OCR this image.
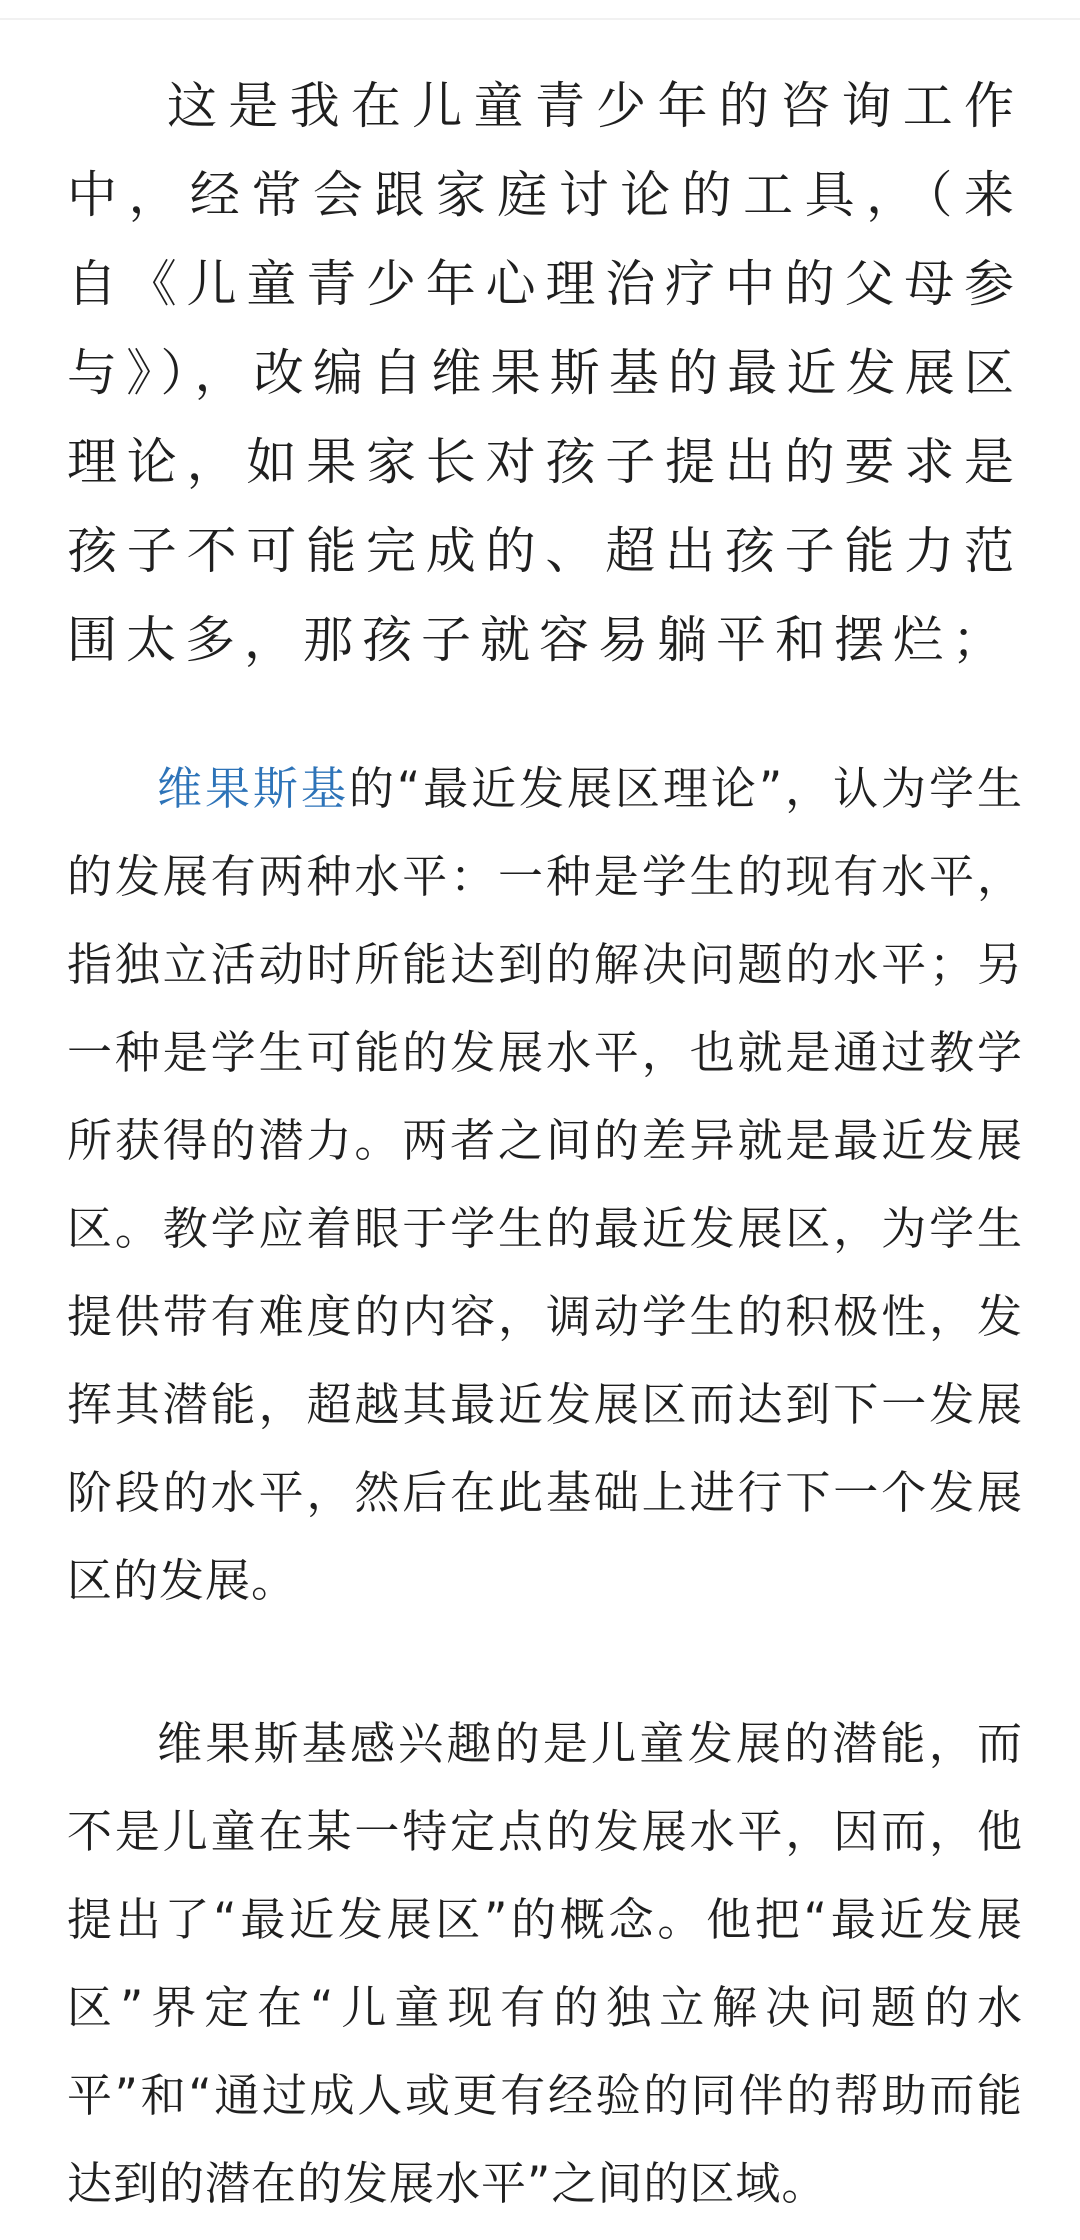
这是我在儿童青少年的咨询工作中，经常会跟家庭讨论的工具，（来自《儿童青少年心理治疗中的父母参与》），改编自维果斯基的最近发展区理论，如果家长对孩子提出的要求是孩子不可能完成的、超出孩子能力范围太多，那孩子就容易躺平和摆烂；

维果斯基的“最近发展区理论”，认为学生的发展有两种水平：一种是学生的现有水平，指独立活动时所能达到的解决问题的水平；另一种是学生可能的发展水平，也就是通过教学所获得的潜力。两者之间的差异就是最近发展区。教学应着眼于学生的最近发展区，为学生提供带有难度的内容，调动学生的积极性，发挥其潜能，超越其最近发展区而达到下一发展阶段的水平，然后在此基础上进行下一个发展区的发展。

维果斯基感兴趣的是儿童发展的潜能，而不是儿童在某一特定点的发展水平，因而，他提出了“最近发展区”的概念。他把“最近发展区”界定在“儿童现有的独立解决问题的水平”和“通过成人或更有经验的同伴的帮助而能达到的潜在的发展水平”之间的区域。
